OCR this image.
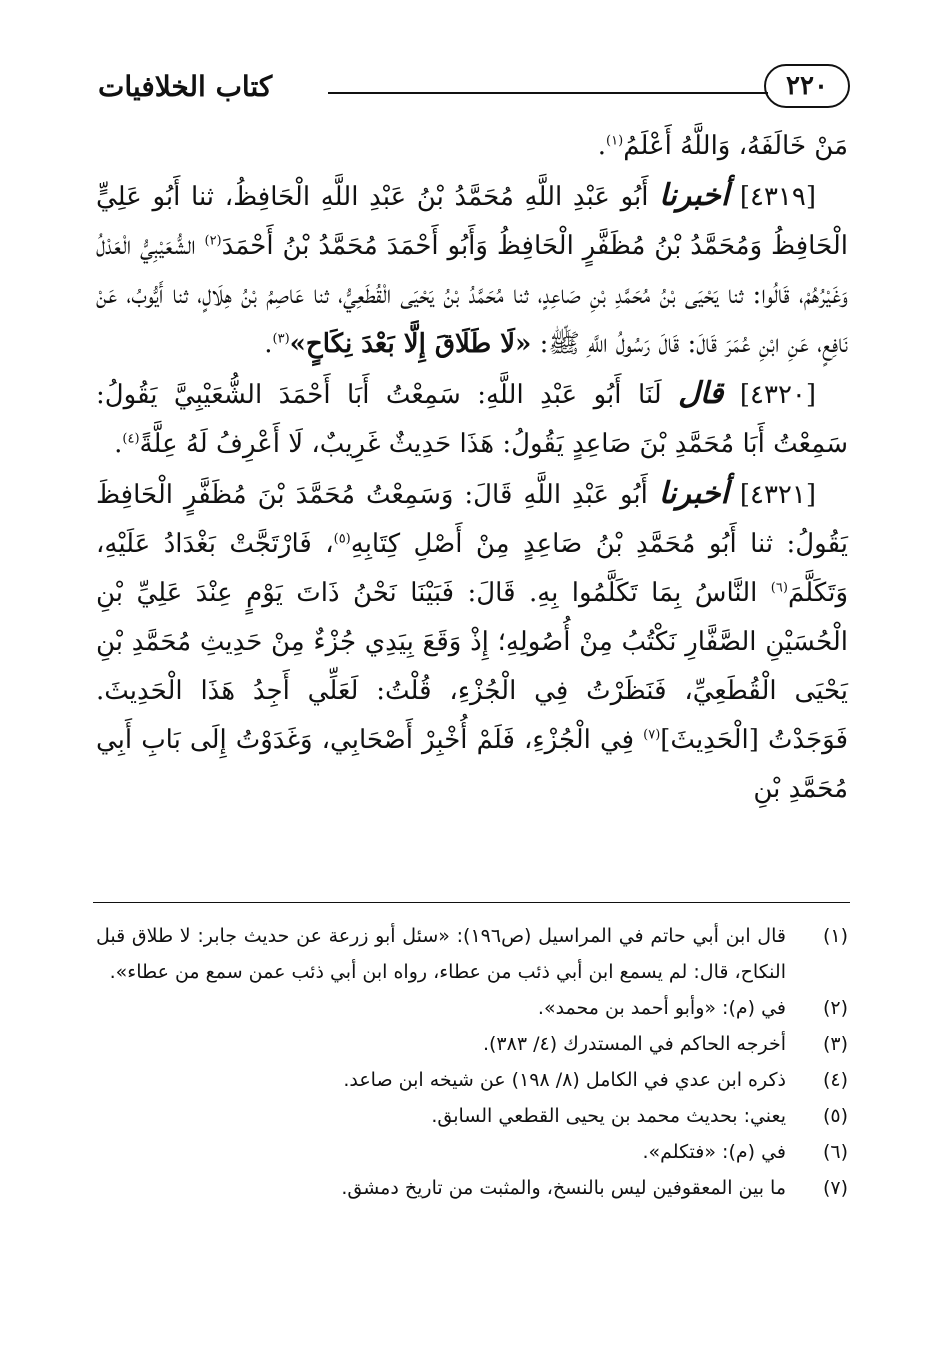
كتاب الخلافيات	٢٢٠

مَنْ خَالَفَهُ، وَاللَّهُ أَعْلَمُ$^{(١)}$.

[٤٣١٩] أخبرنا أَبُو عَبْدِ اللَّهِ مُحَمَّدُ بْنُ عَبْدِ اللَّهِ الْحَافِظُ، ثنا أَبُو عَلِيٍّ الْحَافِظُ وَمُحَمَّدُ بْنُ مُظَفَّرٍ الْحَافِظُ وَأَبُو أَحْمَدَ مُحَمَّدُ بْنُ أَحْمَدَ$^{(٢)}$ الشُّعَيْبِيُّ الْعَدْلُ وَغَيْرُهُمْ، قَالُوا: ثنا يَحْيَى بْنُ مُحَمَّدِ بْنِ صَاعِدٍ، ثنا مُحَمَّدُ بْنُ يَحْيَى الْقُطَعِيُّ، ثنا عَاصِمُ بْنُ هِلَالٍ، ثنا أَيُّوبُ، عَنْ نَافِعٍ، عَنِ ابْنِ عُمَرَ قَالَ: قَالَ رَسُولُ اللَّهِ ﷺ: «لَا طَلَاقَ إِلَّا بَعْدَ نِكَاحٍ»$^{(٣)}$.

[٤٣٢٠] قال لَنَا أَبُو عَبْدِ اللَّهِ: سَمِعْتُ أَبَا أَحْمَدَ الشُّعَيْبِيَّ يَقُولُ: سَمِعْتُ أَبَا مُحَمَّدِ بْنَ صَاعِدٍ يَقُولُ: هَذَا حَدِيثٌ غَرِيبٌ، لَا أَعْرِفُ لَهُ عِلَّةً$^{(٤)}$.

[٤٣٢١] أخبرنا أَبُو عَبْدِ اللَّهِ قَالَ: وَسَمِعْتُ مُحَمَّدَ بْنَ مُظَفَّرٍ الْحَافِظَ يَقُولُ: ثنا أَبُو مُحَمَّدِ بْنُ صَاعِدٍ مِنْ أَصْلِ كِتَابِهِ$^{(٥)}$، فَارْتَجَّتْ بَغْدَادُ عَلَيْهِ، وَتَكَلَّمَ$^{(٦)}$ النَّاسُ بِمَا تَكَلَّمُوا بِهِ. قَالَ: فَبَيْنَا نَحْنُ ذَاتَ يَوْمٍ عِنْدَ عَلِيِّ بْنِ الْحُسَيْنِ الصَّفَّارِ نَكْتُبُ مِنْ أُصُولِهِ؛ إِذْ وَقَعَ بِيَدِي جُزْءٌ مِنْ حَدِيثِ مُحَمَّدِ بْنِ يَحْيَى الْقُطَعِيِّ، فَنَظَرْتُ فِي الْجُزْءِ، قُلْتُ: لَعَلِّي أَجِدُ هَذَا الْحَدِيثَ. فَوَجَدْتُ [الْحَدِيثَ]$^{(٧)}$ فِي الْجُزْءِ، فَلَمْ أُخْبِرْ أَصْحَابِي، وَغَدَوْتُ إِلَى بَابِ أَبِي مُحَمَّدِ بْنِ

(١)
قال ابن أبي حاتم في المراسيل (ص١٩٦): «سئل أبو زرعة عن حديث جابر: لا طلاق قبل النكاح، قال: لم يسمع ابن أبي ذئب من عطاء، رواه ابن أبي ذئب عمن سمع من عطاء».

(٢)
في (م): «وأبو أحمد بن محمد».

(٣)
أخرجه الحاكم في المستدرك (٤/ ٣٨٣).

(٤)
ذكره ابن عدي في الكامل (٨/ ١٩٨) عن شيخه ابن صاعد.

(٥)
يعني: بحديث محمد بن يحيى القطعي السابق.

(٦)
في (م): «فتكلم».

(٧)
ما بين المعقوفين ليس بالنسخ، والمثبت من تاريخ دمشق.
